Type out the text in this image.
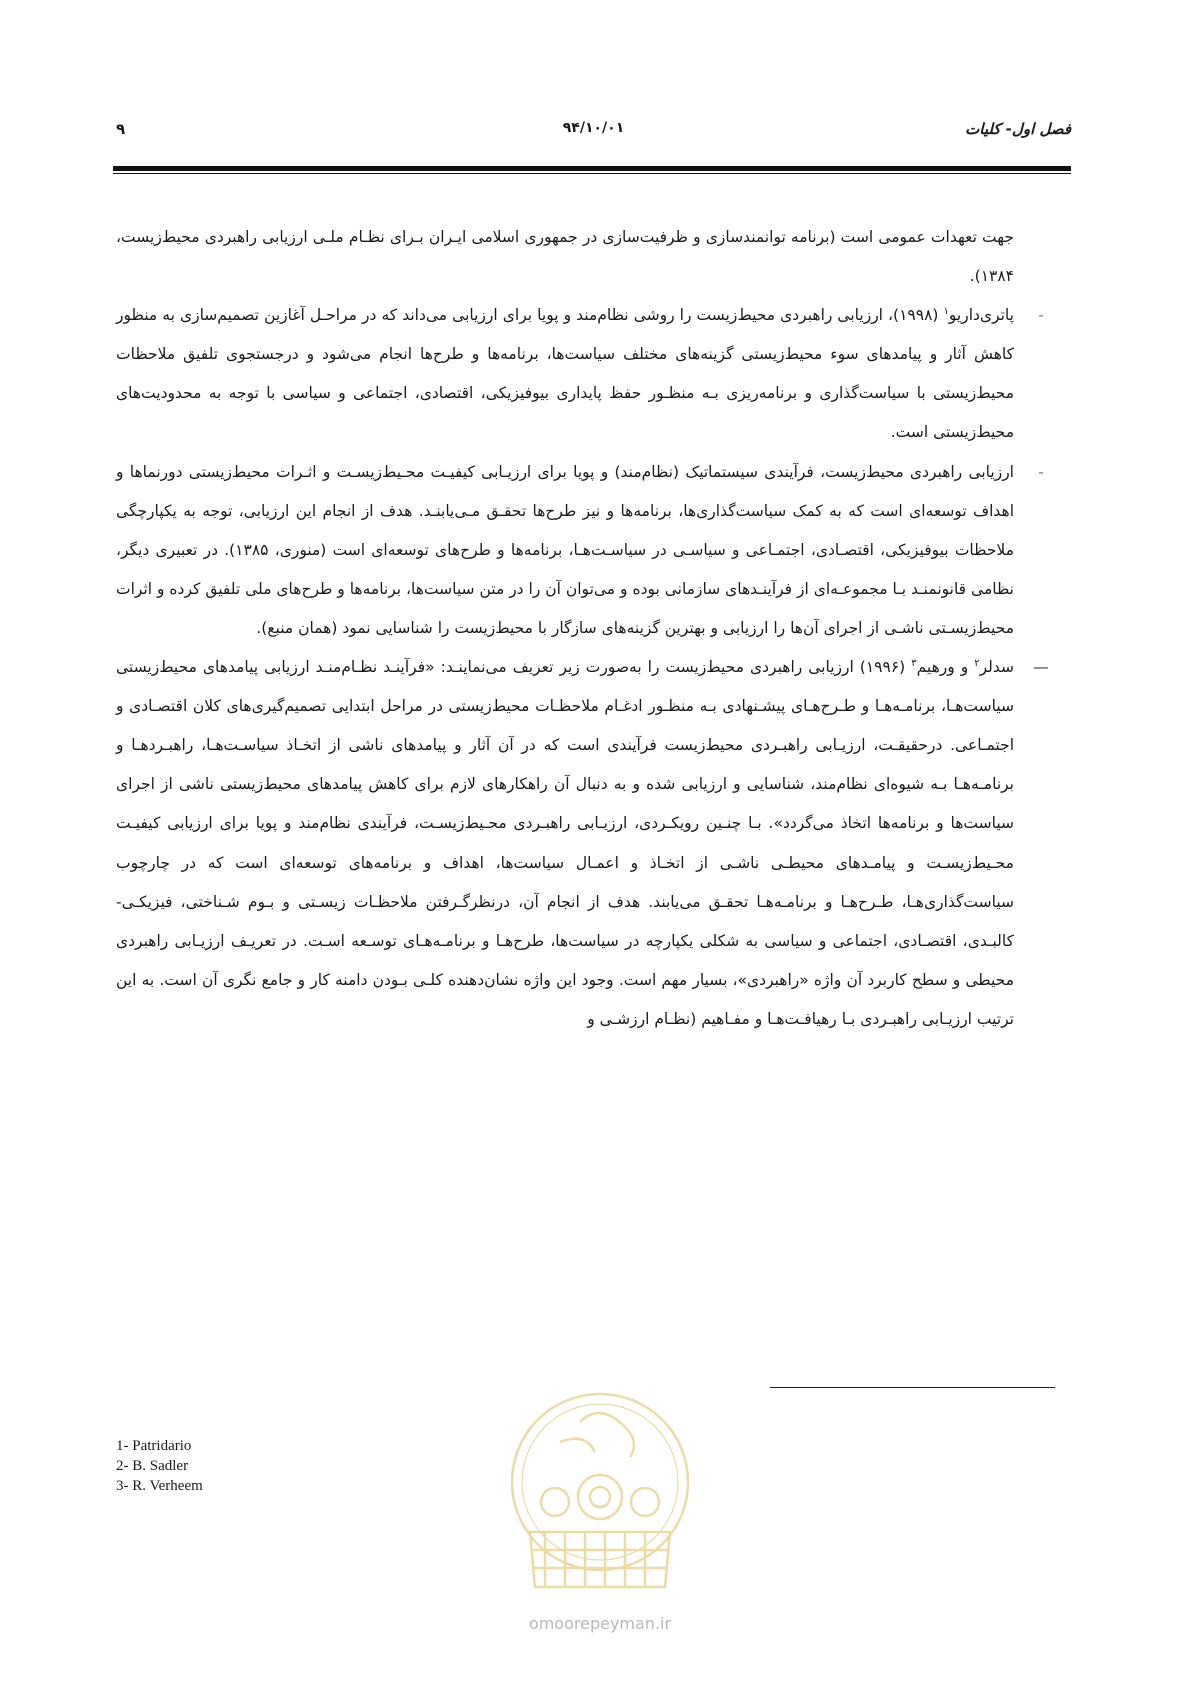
۹	۹۴/۱۰/۰۱	فصل اول- کلیات

جهت تعهدات عمومی است (برنامه توانمندسازی و ظرفیت‌سازی در جمهوری اسلامی ایـران بـرای نظـام ملـی ارزیابی راهبردی محیط‌زیست، ۱۳۸۴).

-
پاتری‌داریو$^۱$ (۱۹۹۸)، ارزیابی راهبردی محیط‌زیست را روشی نظام‌مند و پویا برای ارزیابی می‌داند که در مراحـل آغازین تصمیم‌سازی به منظور کاهش آثار و پیامدهای سوء محیط‌زیستی گزینه‌های مختلف سیاست‌ها، برنامه‌ها و طرح‌ها انجام می‌شود و درجستجوی تلفیق ملاحظات محیط‌زیستی با سیاست‌گذاری و برنامه‌ریزی بـه منظـور حفظ پایداری بیوفیزیکی، اقتصادی، اجتماعی و سیاسی با توجه به محدودیت‌های محیط‌زیستی است.

-
ارزیابی راهبردی محیط‌زیست، فرآیندی سیستماتیک (نظام‌مند) و پویا برای ارزیـابی کیفیـت محـیط‌زیسـت و اثـرات محیط‌زیستی دورنماها و اهداف توسعه‌ای است که به کمک سیاست‌گذاری‌ها، برنامه‌ها و نیز طرح‌ها تحقـق مـی‌یابنـد. هدف از انجام این ارزیابی، توجه به یکپارچگی ملاحظات بیوفیزیکی، اقتصـادی، اجتمـاعی و سیاسـی در سیاسـت‌هـا، برنامه‌ها و طرح‌های توسعه‌ای است (منوری، ۱۳۸۵). در تعبیری دیگر، نظامی قانونمنـد بـا مجموعـه‌ای از فرآینـدهای سازمانی بوده و می‌توان آن را در متن سیاست‌ها، برنامه‌ها و طرح‌های ملی تلفیق کرده و اثرات محیط‌زیسـتی ناشـی از اجرای آن‌ها را ارزیابی و بهترین گزینه‌های سازگار با محیط‌زیست را شناسایی نمود (همان منبع).

—
سدلر$^۲$ و ورهیم$^۳$ (۱۹۹۶) ارزیابی راهبردی محیط‌زیست را به‌صورت زیر تعریف می‌نماینـد: «فرآینـد نظـام‌منـد ارزیابی پیامدهای محیط‌زیستی سیاست‌هـا، برنامـه‌هـا و طـرح‌هـای پیشـنهادی بـه منظـور ادغـام ملاحظـات محیط‌زیستی در مراحل ابتدایی تصمیم‌گیری‌های کلان اقتصـادی و اجتمـاعی. درحقیقـت، ارزیـابی راهبـردی محیط‌زیست فرآیندی است که در آن آثار و پیامدهای ناشی از اتخـاذ سیاسـت‌هـا، راهبـردهـا و برنامـه‌هـا بـه شیوه‌ای نظام‌مند، شناسایی و ارزیابی شده و به دنبال آن راهکارهای لازم برای کاهش پیامدهای محیط‌زیستی ناشی از اجرای سیاست‌ها و برنامه‌ها اتخاذ می‌گردد». بـا چنـین رویکـردی، ارزیـابی راهبـردی محـیط‌زیسـت، فرآیندی نظام‌مند و پویا برای ارزیابی کیفیـت محـیط‌زیسـت و پیامـدهای محیطـی ناشـی از اتخـاذ و اعمـال سیاست‌ها، اهداف و برنامه‌های توسعه‌ای است که در چارچوب سیاست‌گذاری‌هـا، طـرح‌هـا و برنامـه‌هـا تحقـق می‌یابند. هدف از انجام آن، درنظرگـرفتن ملاحظـات زیسـتی و بـوم شـناختی، فیزیکـی-کالبـدی، اقتصـادی، اجتماعی و سیاسی به شکلی یکپارچه در سیاست‌ها، طرح‌هـا و برنامـه‌هـای توسـعه اسـت. در تعریـف ارزیـابی راهبردی محیطی و سطح کاربرد آن واژه «راهبردی»، بسیار مهم است. وجود این واژه نشان‌دهنده کلـی بـودن دامنه کار و جامع نگری آن است. به این ترتیب ارزیـابی راهبـردی بـا رهیافـت‌هـا و مفـاهیم (نظـام ارزشـی و

1- Patridario
2- B. Sadler
3- R. Verheem
omoorepeyman.ir
